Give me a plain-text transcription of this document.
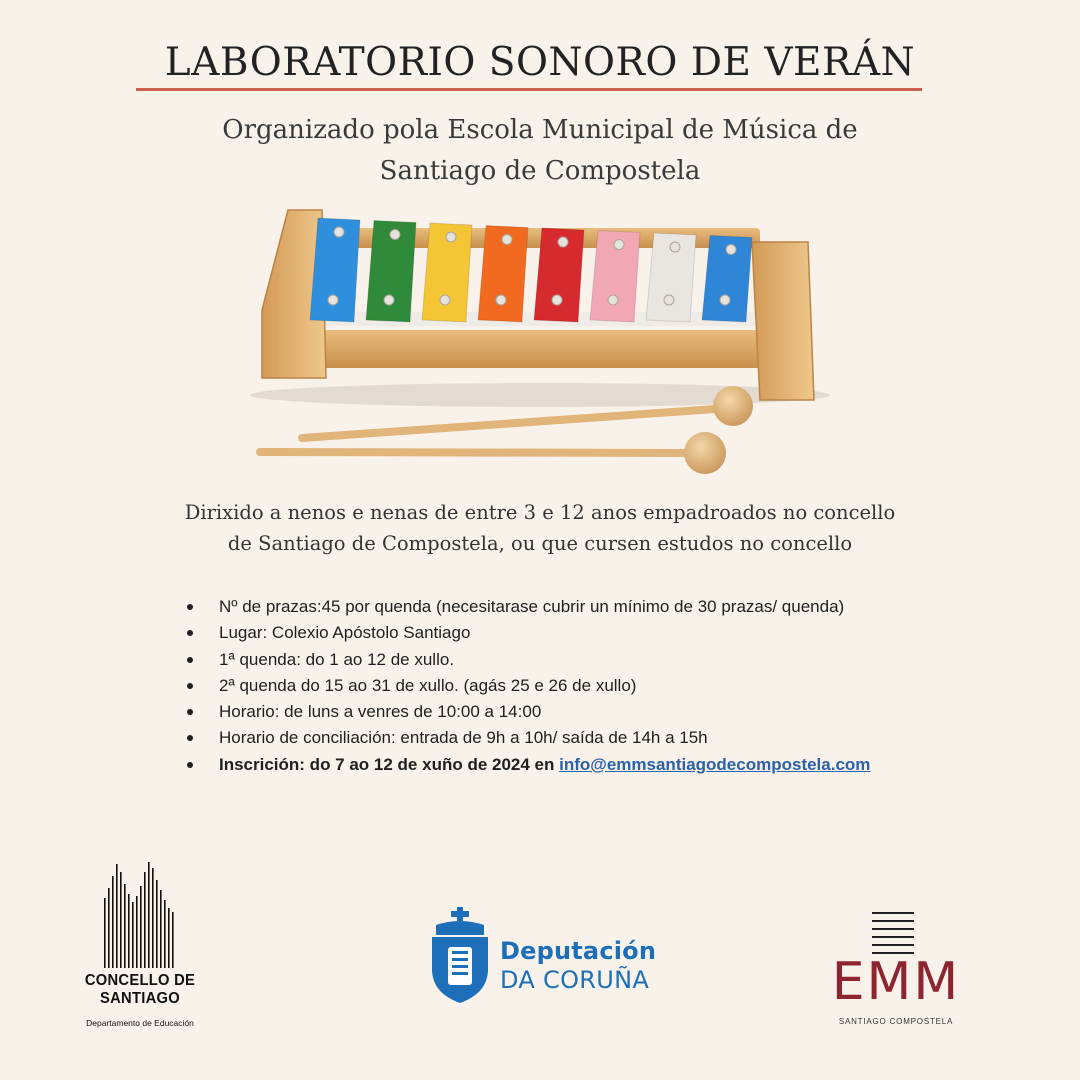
LABORATORIO SONORO DE VERÁN
Organizado pola Escola Municipal de Música de
Santiago de Compostela
Dirixido a nenos e nenas de entre 3 e 12 anos empadroados no concello
de Santiago de Compostela, ou que cursen estudos no concello
Nº de prazas:45 por quenda (necesitarase cubrir un mínimo de 30 prazas/ quenda)
Lugar: Colexio Apóstolo Santiago
1ª quenda: do 1 ao 12 de xullo.
2ª quenda do 15 ao 31 de xullo. (agás 25 e 26 de xullo)
Horario: de luns a venres de 10:00 a 14:00
Horario de conciliación: entrada de 9h a 10h/ saída de 14h a 15h
Inscrición: do 7 ao 12 de xuño de 2024 en info@emmsantiagodecompostela.com
CONCELLO DE
SANTIAGO
Departamento de Educación
Deputación
DA CORUÑA	EMM
SANTIAGO COMPOSTELA
